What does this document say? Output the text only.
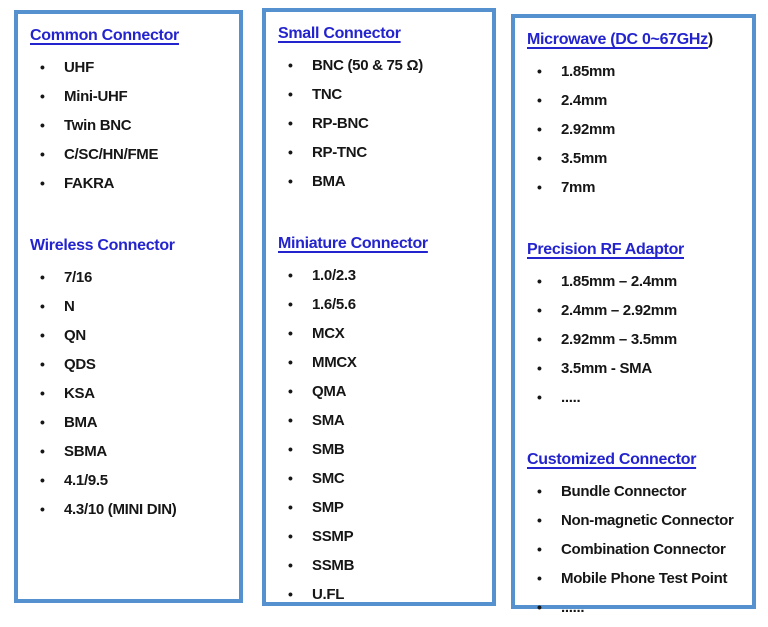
Common Connector
• UHF
• Mini-UHF
• Twin BNC
• C/SC/HN/FME
• FAKRA
Wireless Connector
• 7/16
• N
• QN
• QDS
• KSA
• BMA
• SBMA
• 4.1/9.5
• 4.3/10 (MINI DIN)
Small Connector
• BNC (50 & 75 Ω)
• TNC
• RP-BNC
• RP-TNC
• BMA
Miniature Connector
• 1.0/2.3
• 1.6/5.6
• MCX
• MMCX
• QMA
• SMA
• SMB
• SMC
• SMP
• SSMP
• SSMB
• U.FL
Microwave (DC 0~67GHz)
• 1.85mm
• 2.4mm
• 2.92mm
• 3.5mm
• 7mm
Precision RF Adaptor
• 1.85mm – 2.4mm
• 2.4mm – 2.92mm
• 2.92mm – 3.5mm
• 3.5mm - SMA
• .....
Customized Connector
• Bundle Connector
• Non-magnetic Connector
• Combination Connector
• Mobile Phone Test Point
• ......
